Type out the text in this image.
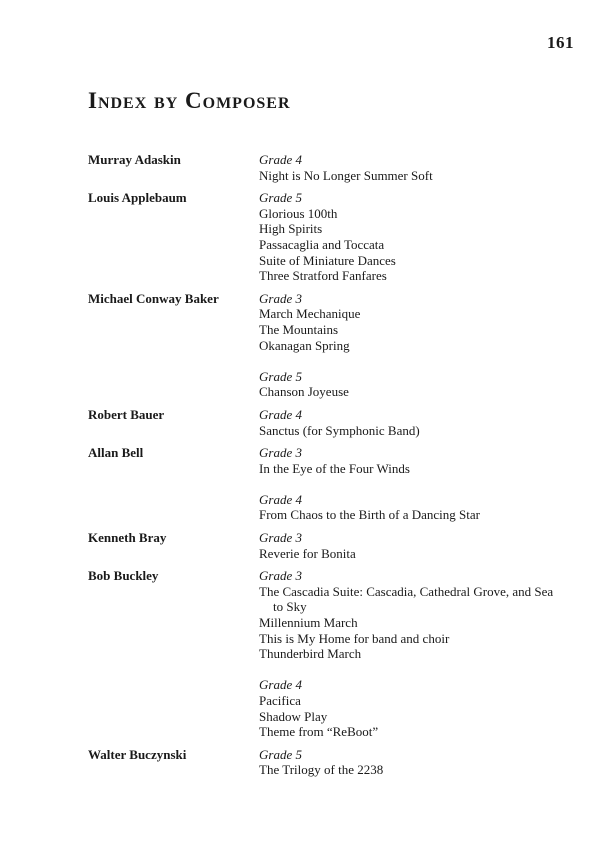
161
Index by Composer
Murray Adaskin	Grade 4
Night is No Longer Summer Soft
Louis Applebaum	Grade 5
Glorious 100th
High Spirits
Passacaglia and Toccata
Suite of Miniature Dances
Three Stratford Fanfares
Michael Conway Baker	Grade 3
March Mechanique
The Mountains
Okanagan Spring
Grade 5
Chanson Joyeuse
Robert Bauer	Grade 4
Sanctus (for Symphonic Band)
Allan Bell	Grade 3
In the Eye of the Four Winds
Grade 4
From Chaos to the Birth of a Dancing Star
Kenneth Bray	Grade 3
Reverie for Bonita
Bob Buckley	Grade 3
The Cascadia Suite: Cascadia, Cathedral Grove, and Sea to Sky
Millennium March
This is My Home for band and choir
Thunderbird March
Grade 4
Pacifica
Shadow Play
Theme from “ReBoot”
Walter Buczynski	Grade 5
The Trilogy of the 2238
